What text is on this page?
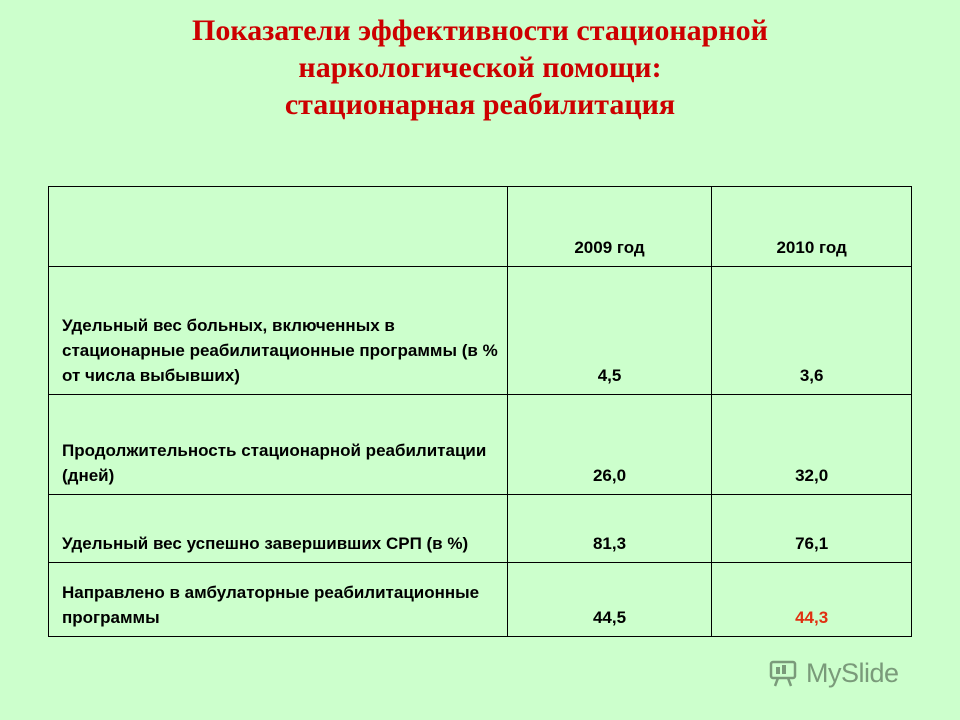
Показатели эффективности стационарной
наркологической помощи:
стационарная реабилитация
	2009 год	2010 год
Удельный вес больных, включенных в стационарные реабилитационные программы (в % от числа выбывших)	4,5	3,6
Продолжительность стационарной реабилитации (дней)	26,0	32,0
Удельный вес успешно завершивших СРП (в %)	81,3	76,1
Направлено в амбулаторные реабилитационные программы	44,5	44,3
MySlide
